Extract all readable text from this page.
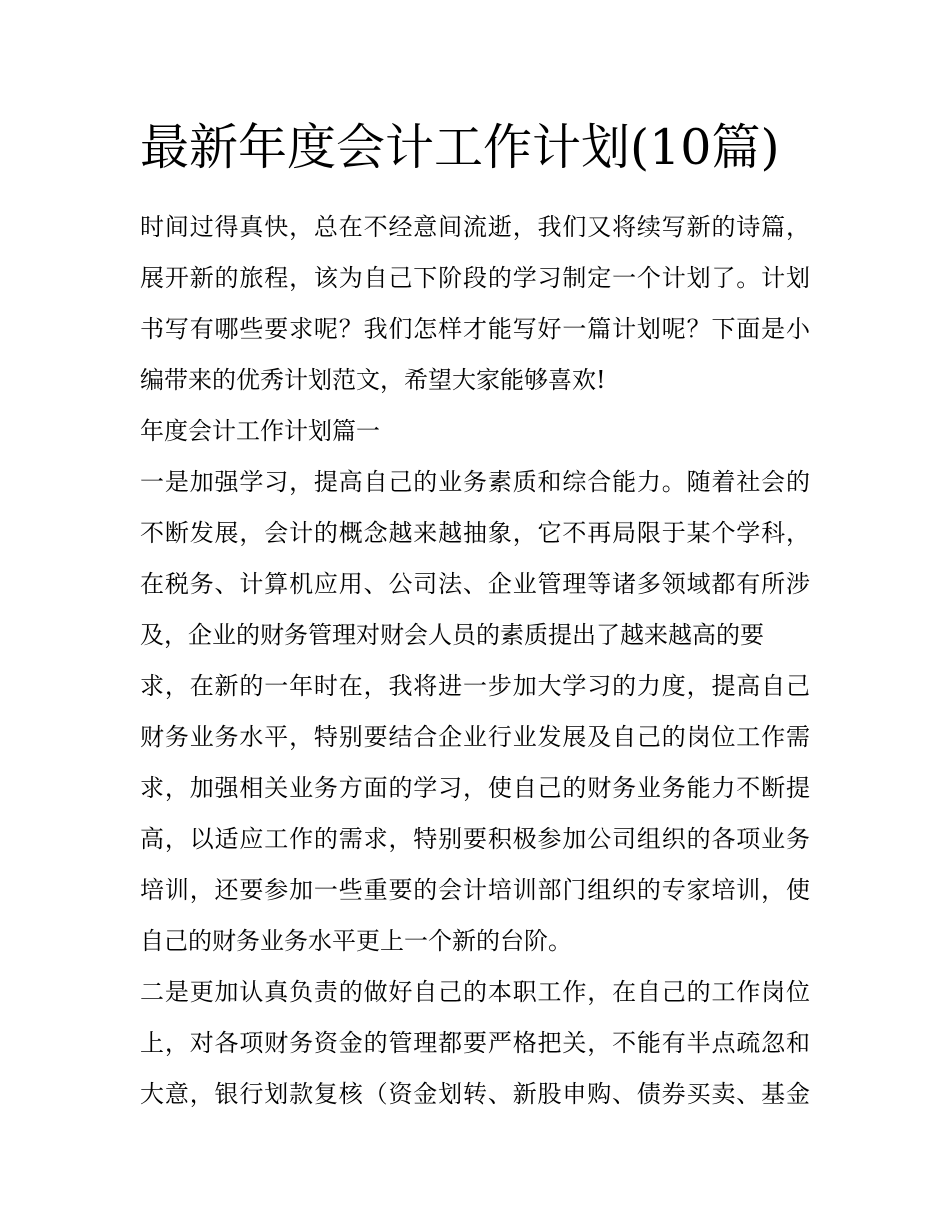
最新年度会计工作计划(10篇)
时间过得真快，总在不经意间流逝，我们又将续写新的诗篇，
展开新的旅程，该为自己下阶段的学习制定一个计划了。计划
书写有哪些要求呢？我们怎样才能写好一篇计划呢？下面是小
编带来的优秀计划范文，希望大家能够喜欢!
年度会计工作计划篇一
一是加强学习，提高自己的业务素质和综合能力。随着社会的
不断发展，会计的概念越来越抽象，它不再局限于某个学科，
在税务、计算机应用、公司法、企业管理等诸多领域都有所涉
及，企业的财务管理对财会人员的素质提出了越来越高的要
求，在新的一年时在，我将进一步加大学习的力度，提高自己
财务业务水平，特别要结合企业行业发展及自己的岗位工作需
求，加强相关业务方面的学习，使自己的财务业务能力不断提
高，以适应工作的需求，特别要积极参加公司组织的各项业务
培训，还要参加一些重要的会计培训部门组织的专家培训，使
自己的财务业务水平更上一个新的台阶。
二是更加认真负责的做好自己的本职工作，在自己的工作岗位
上，对各项财务资金的管理都要严格把关，不能有半点疏忽和
大意，银行划款复核（资金划转、新股申购、债券买卖、基金
